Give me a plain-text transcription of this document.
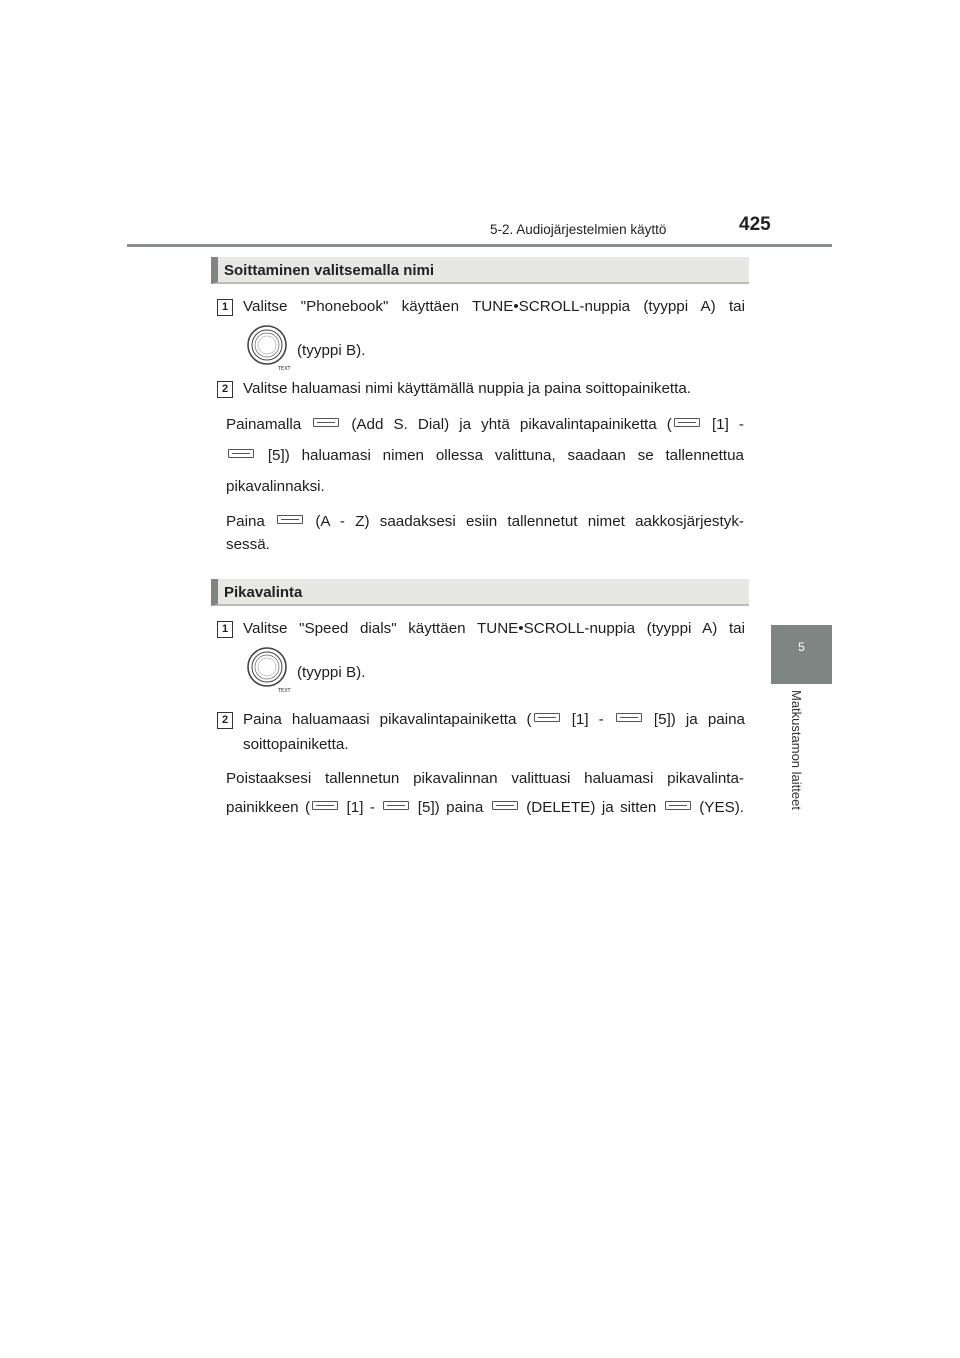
5-2. Audiojärjestelmien käyttö	425
5
Matkustamon laitteet
Soittaminen valitsemalla nimi
1 Valitse "Phonebook" käyttäen TUNE•SCROLL-nuppia (tyyppi A) tai
TEXT
(tyyppi B).
2 Valitse haluamasi nimi käyttämällä nuppia ja paina soittopainiketta.
Painamalla	(Add S. Dial) ja yhtä pikavalintapainiketta (	[1] -
[5]) haluamasi nimen ollessa valittuna, saadaan se tallennettua
pikavalinnaksi.
Paina	(A - Z) saadaksesi esiin tallennetut nimet aakkosjärjestyk-
sessä.
Pikavalinta
1 Valitse "Speed dials" käyttäen TUNE•SCROLL-nuppia (tyyppi A) tai
TEXT
(tyyppi B).
2 Paina haluamaasi pikavalintapainiketta (	[1] -	[5]) ja paina
soittopainiketta.
Poistaaksesi tallennetun pikavalinnan valittuasi haluamasi pikavalinta-
painikkeen ( [1] -	[5]) paina	(DELETE) ja sitten	(YES).
